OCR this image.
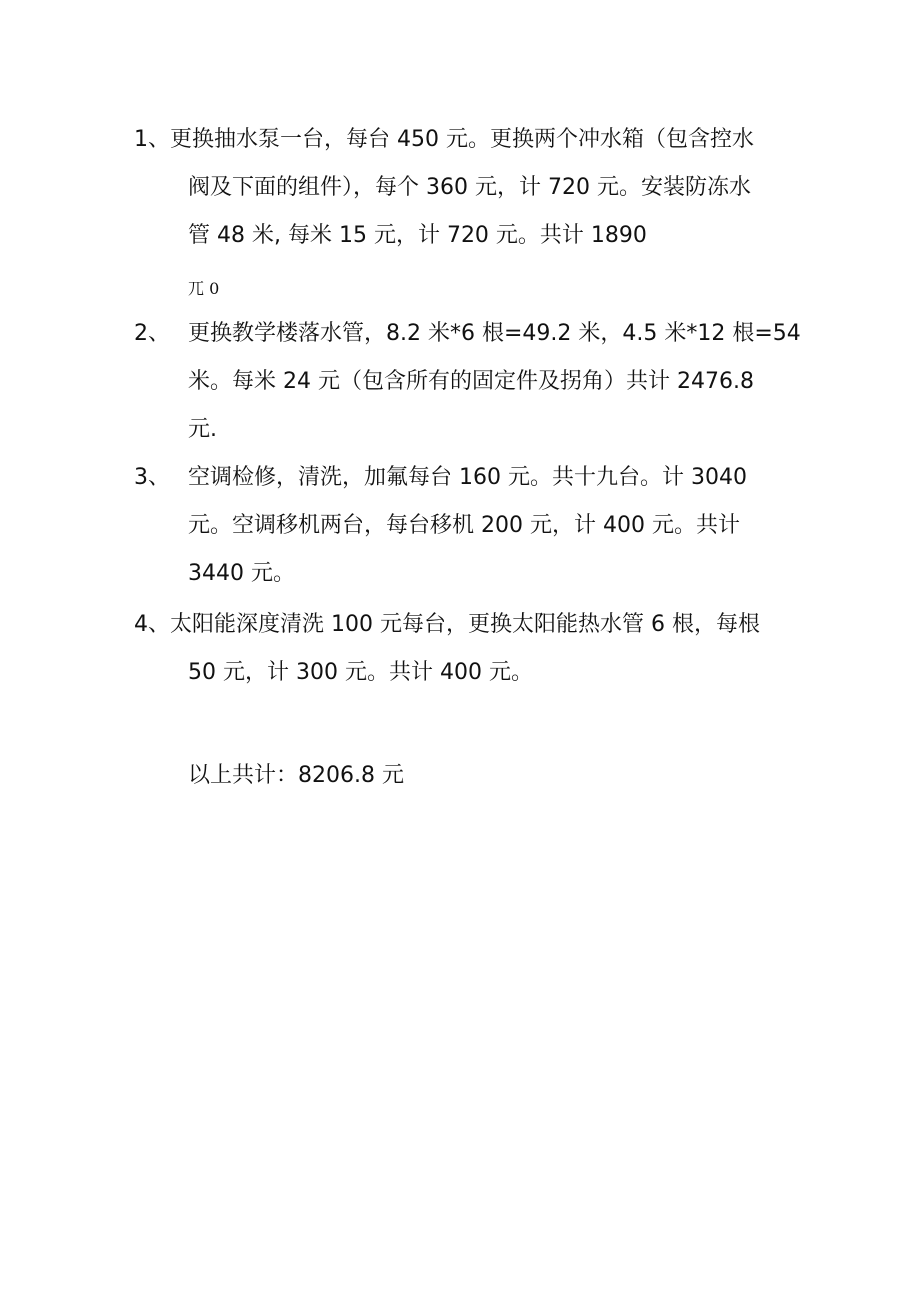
1、 更换抽水泵一台，每台 450 元。更换两个冲水箱（包含控水
阀及下面的组件），每个 360 元，计 720 元。安装防冻水
管 48 米, 每米 15 元，计 720 元。共计 1890
兀 0
2、 更换教学楼落水管，8.2 米*6 根=49.2 米，4.5 米*12 根=54
米。每米 24 元（包含所有的固定件及拐角）共计 2476.8
元.
3、 空调检修，清洗，加氟每台 160 元。共十九台。计 3040
元。空调移机两台，每台移机 200 元，计 400 元。共计
3440 元。
4、 太阳能深度清洗 100 元每台，更换太阳能热水管 6 根，每根
50 元，计 300 元。共计 400 元。
以上共计：8206.8 元
